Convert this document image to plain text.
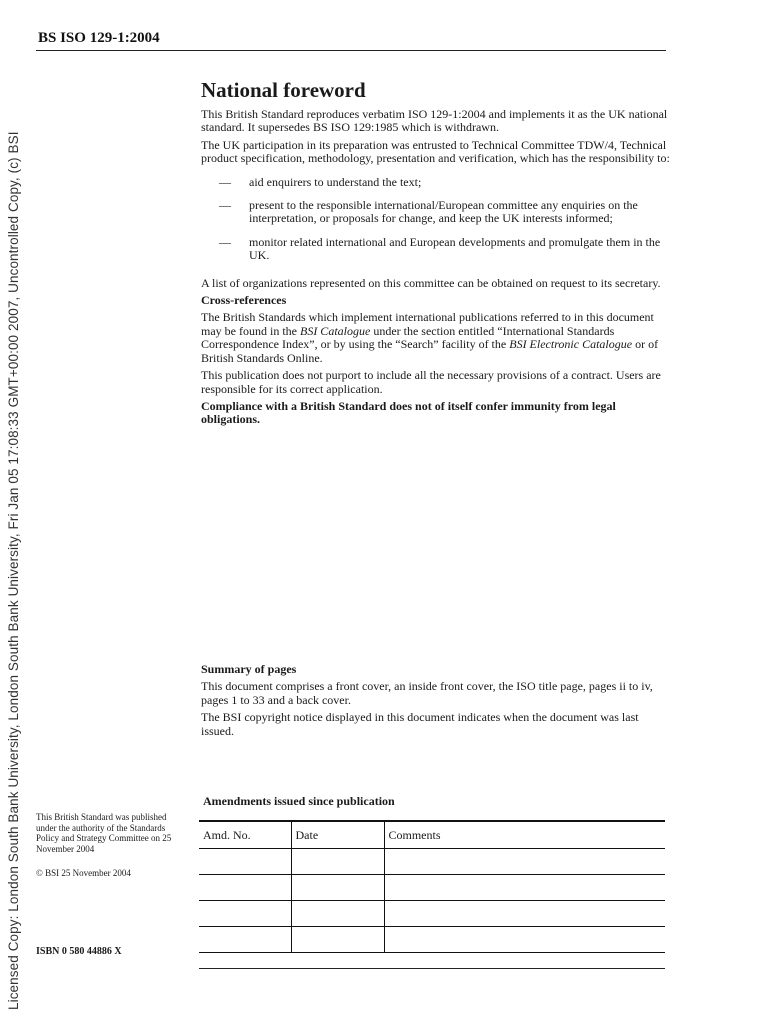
Licensed Copy: London South Bank University, London South Bank University, Fri Jan 05 17:08:33 GMT+00:00 2007, Uncontrolled Copy, (c) BSI
BS ISO 129-1:2004
National foreword

This British Standard reproduces verbatim ISO 129-1:2004 and implements it as the UK national standard. It supersedes BS ISO 129:1985 which is withdrawn.

The UK participation in its preparation was entrusted to Technical Committee TDW/4, Technical product specification, methodology, presentation and verification, which has the responsibility to:

—	aid enquirers to understand the text;
—	present to the responsible international/European committee any enquiries on the interpretation, or proposals for change, and keep the UK interests informed;
—	monitor related international and European developments and promulgate them in the UK.

A list of organizations represented on this committee can be obtained on request to its secretary.

Cross-references

The British Standards which implement international publications referred to in this document may be found in the BSI Catalogue under the section entitled “International Standards Correspondence Index”, or by using the “Search” facility of the BSI Electronic Catalogue or of British Standards Online.

This publication does not purport to include all the necessary provisions of a contract. Users are responsible for its correct application.

Compliance with a British Standard does not of itself confer immunity from legal obligations.

Summary of pages

This document comprises a front cover, an inside front cover, the ISO title page, pages ii to iv, pages 1 to 33 and a back cover.

The BSI copyright notice displayed in this document indicates when the document was last issued.

This British Standard was published under the authority of the Standards Policy and Strategy Committee on 25 November 2004
© BSI 25 November 2004
ISBN 0 580 44886 X
Amendments issued since publication
Amd. No.	Date	Comments
